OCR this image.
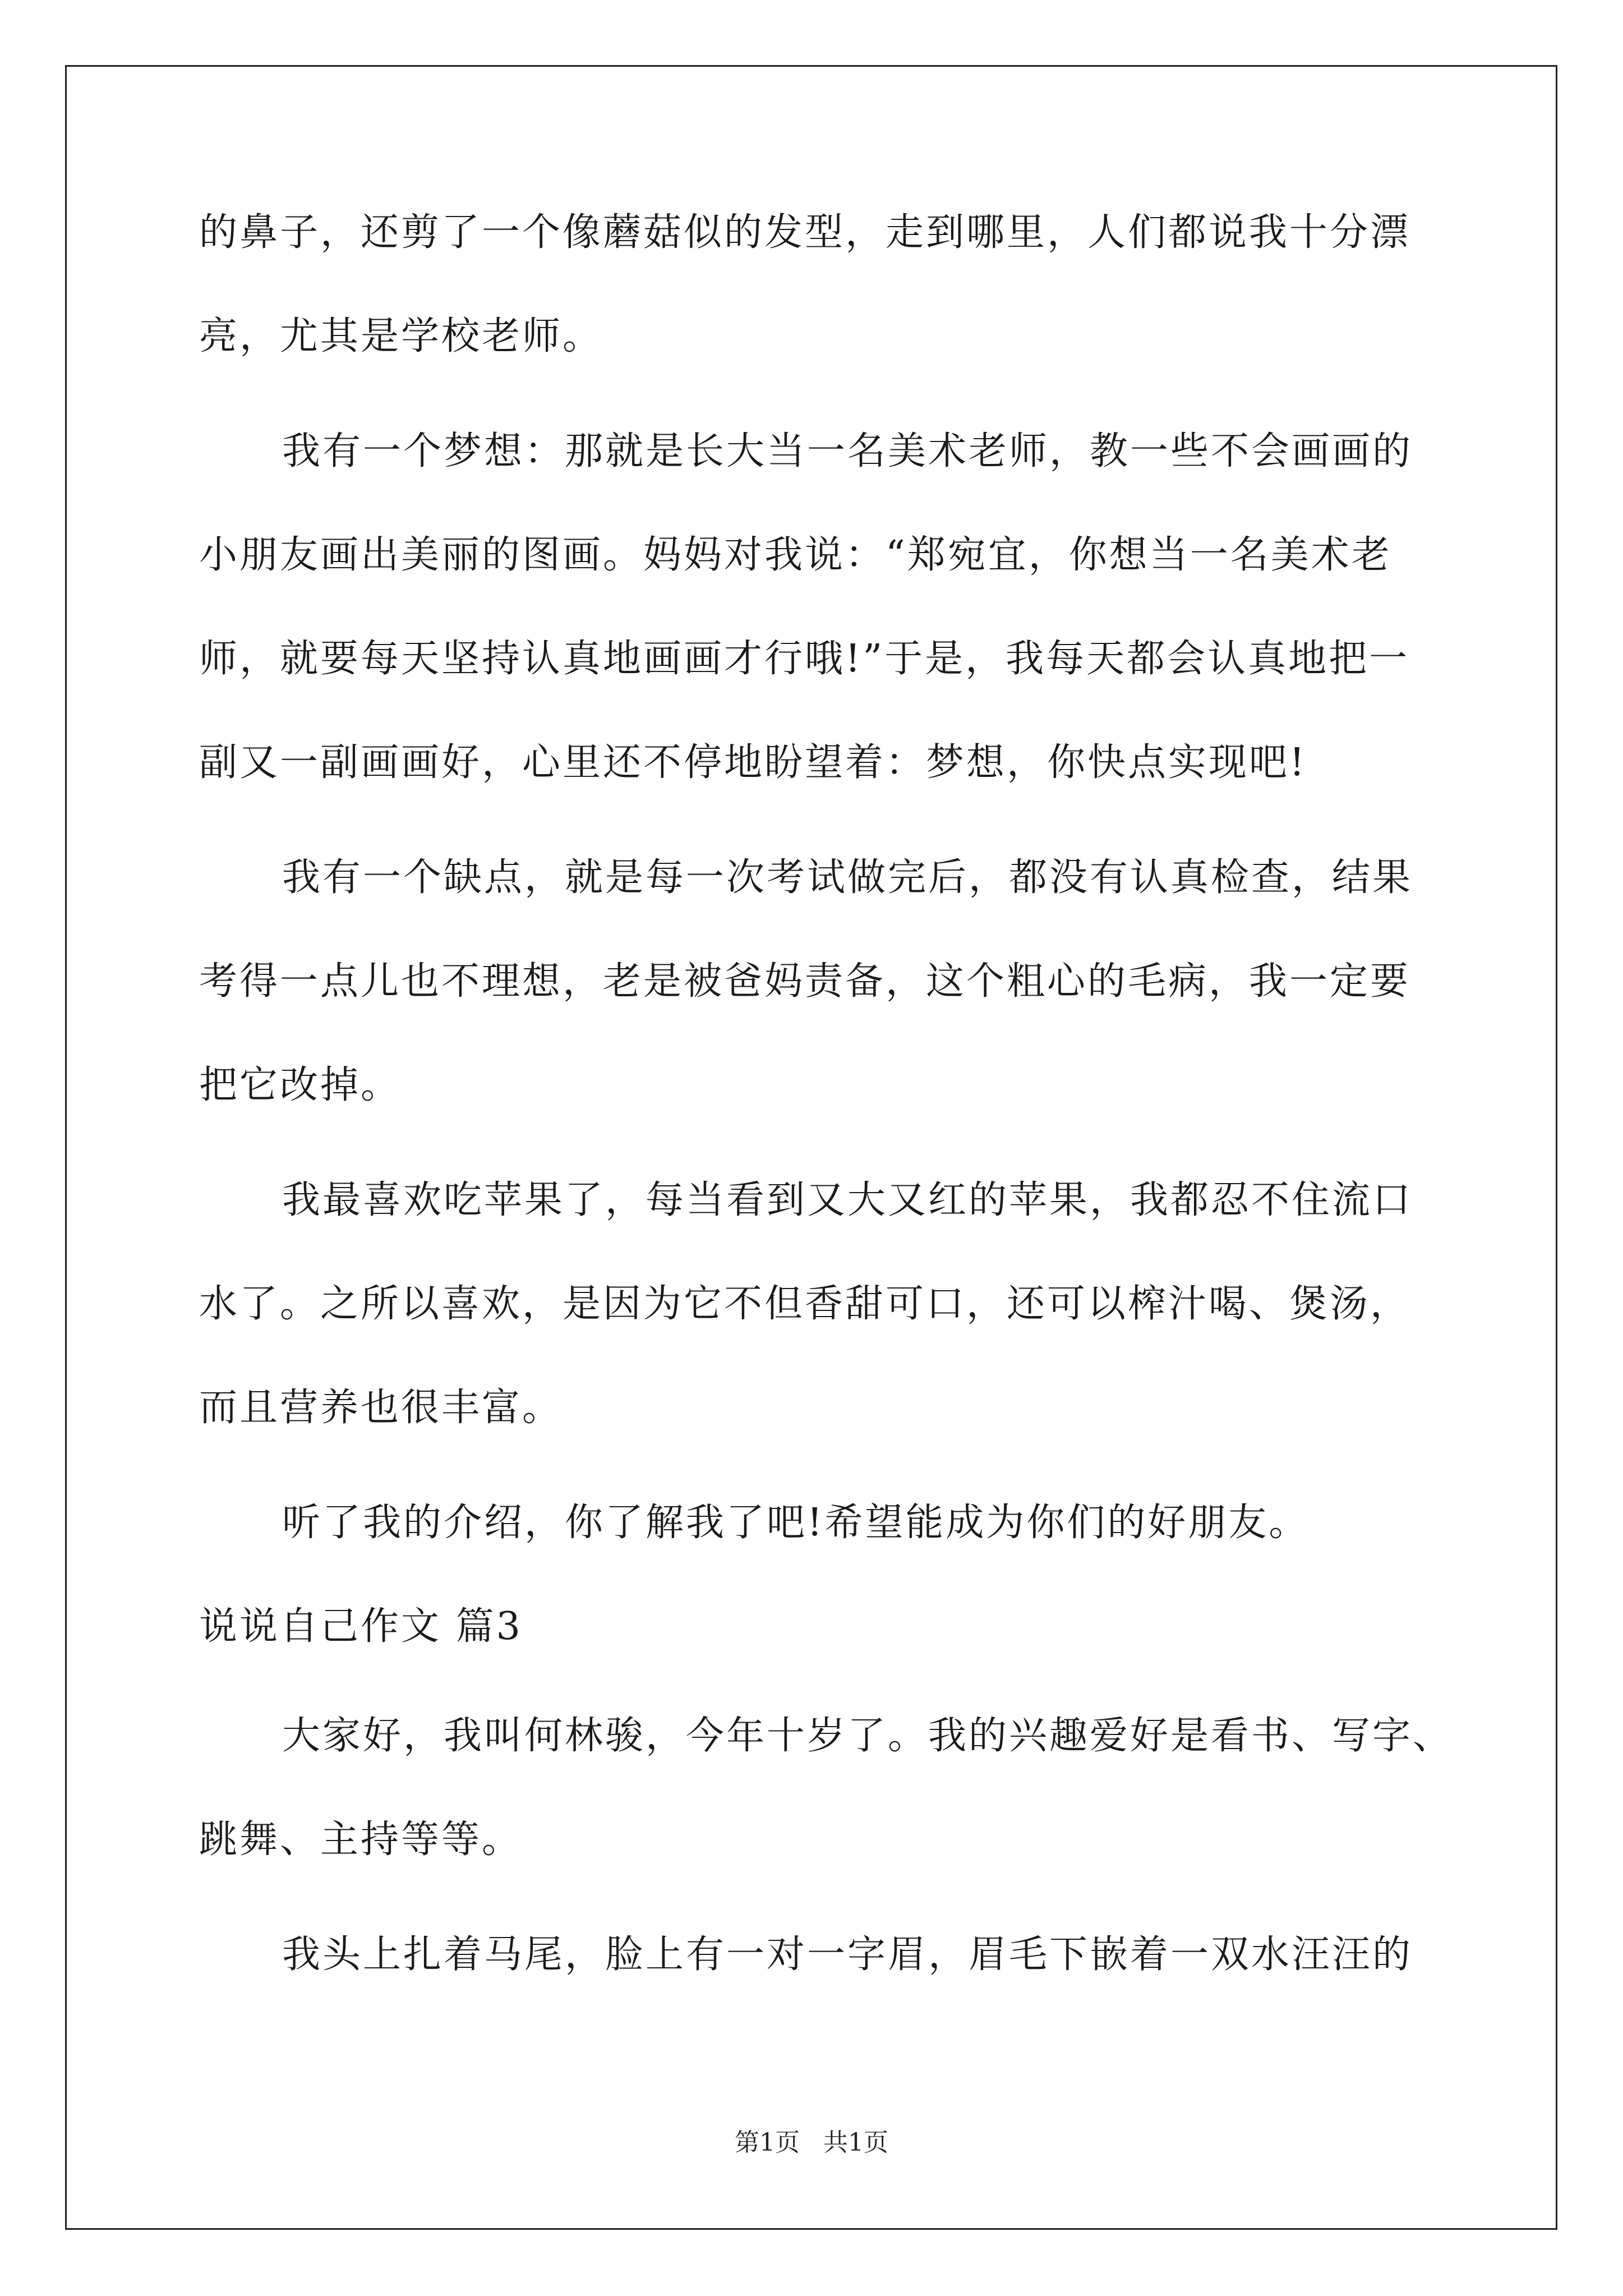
的鼻子，还剪了一个像蘑菇似的发型，走到哪里，人们都说我十分漂
亮，尤其是学校老师。
我有一个梦想：那就是长大当一名美术老师，教一些不会画画的
小朋友画出美丽的图画。妈妈对我说：“郑宛宜，你想当一名美术老
师，就要每天坚持认真地画画才行哦!”于是，我每天都会认真地把一
副又一副画画好，心里还不停地盼望着：梦想，你快点实现吧!
我有一个缺点，就是每一次考试做完后，都没有认真检查，结果
考得一点儿也不理想，老是被爸妈责备，这个粗心的毛病，我一定要
把它改掉。
我最喜欢吃苹果了，每当看到又大又红的苹果，我都忍不住流口
水了。之所以喜欢，是因为它不但香甜可口，还可以榨汁喝、煲汤，
而且营养也很丰富。
听了我的介绍，你了解我了吧!希望能成为你们的好朋友。
说说自己作文 篇3
大家好，我叫何林骏，今年十岁了。我的兴趣爱好是看书、写字、
跳舞、主持等等。
我头上扎着马尾，脸上有一对一字眉，眉毛下嵌着一双水汪汪的
第1页 共1页
